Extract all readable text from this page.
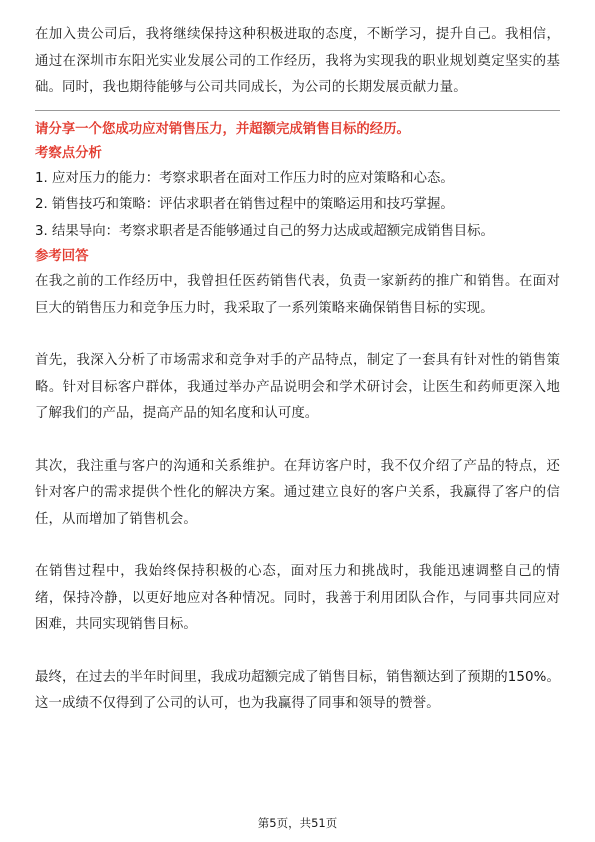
在加入贵公司后，我将继续保持这种积极进取的态度，不断学习，提升自己。我相信，通过在深圳市东阳光实业发展公司的工作经历，我将为实现我的职业规划奠定坚实的基础。同时，我也期待能够与公司共同成长，为公司的长期发展贡献力量。

请分享一个您成功应对销售压力，并超额完成销售目标的经历。
考察点分析
1. 应对压力的能力：考察求职者在面对工作压力时的应对策略和心态。
2. 销售技巧和策略：评估求职者在销售过程中的策略运用和技巧掌握。
3. 结果导向：考察求职者是否能够通过自己的努力达成或超额完成销售目标。
参考回答

在我之前的工作经历中，我曾担任医药销售代表，负责一家新药的推广和销售。在面对巨大的销售压力和竞争压力时，我采取了一系列策略来确保销售目标的实现。

首先，我深入分析了市场需求和竞争对手的产品特点，制定了一套具有针对性的销售策略。针对目标客户群体，我通过举办产品说明会和学术研讨会，让医生和药师更深入地了解我们的产品，提高产品的知名度和认可度。

其次，我注重与客户的沟通和关系维护。在拜访客户时，我不仅介绍了产品的特点，还针对客户的需求提供个性化的解决方案。通过建立良好的客户关系，我赢得了客户的信任，从而增加了销售机会。

在销售过程中，我始终保持积极的心态，面对压力和挑战时，我能迅速调整自己的情绪，保持冷静，以更好地应对各种情况。同时，我善于利用团队合作，与同事共同应对困难，共同实现销售目标。

最终，在过去的半年时间里，我成功超额完成了销售目标，销售额达到了预期的150%。这一成绩不仅得到了公司的认可，也为我赢得了同事和领导的赞誉。

第5页，共51页
